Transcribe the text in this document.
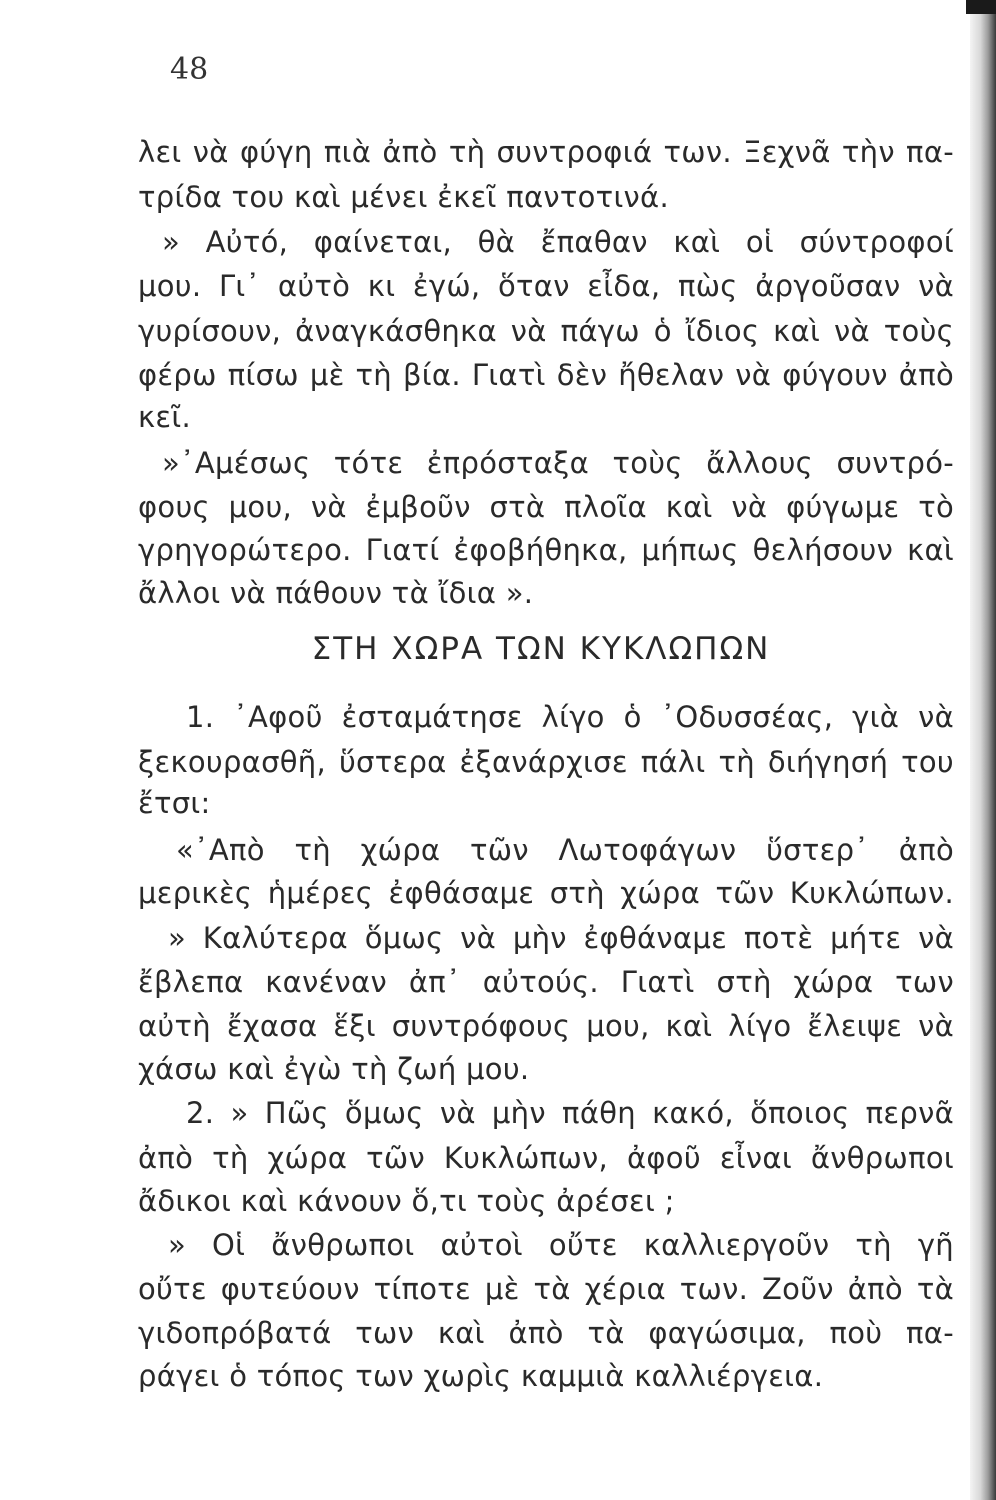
48
λει νὰ φύγη πιὰ ἀπὸ τὴ συντροφιά των. Ξεχνᾶ τὴν πα-
τρίδα του καὶ μένει ἐκεῖ παντοτινά.
» Αὐτό, φαίνεται, θὰ ἔπαθαν καὶ οἱ σύντροφοί
μου. Γι᾽ αὐτὸ κι ἐγώ, ὅταν εἶδα, πὼς ἀργοῦσαν νὰ
γυρίσουν, ἀναγκάσθηκα νὰ πάγω ὁ ἴδιος καὶ νὰ τοὺς
φέρω πίσω μὲ τὴ βία. Γιατὶ δὲν ἤθελαν νὰ φύγουν ἀπὸ
κεῖ.
»᾽Αμέσως τότε ἐπρόσταξα τοὺς ἄλλους συντρό-
φους μου, νὰ ἐμβοῦν στὰ πλοῖα καὶ νὰ φύγωμε τὸ
γρηγορώτερο. Γιατί ἐφοβήθηκα, μήπως θελήσουν καὶ
ἄλλοι νὰ πάθουν τὰ ἴδια ».
ΣΤΗ ΧΩΡΑ ΤΩΝ ΚΥΚΛΩΠΩΝ
1. ᾽Αφοῦ ἐσταμάτησε λίγο ὁ ᾽Οδυσσέας, γιὰ νὰ
ξεκουρασθῆ, ὕστερα ἐξανάρχισε πάλι τὴ διήγησή του
ἔτσι:
«᾽Απὸ τὴ χώρα τῶν Λωτοφάγων ὕστερ᾽ ἀπὸ
μερικὲς ἡμέρες ἐφθάσαμε στὴ χώρα τῶν Κυκλώπων.
» Καλύτερα ὅμως νὰ μὴν ἐφθάναμε ποτὲ μήτε νὰ
ἔβλεπα κανέναν ἀπ᾽ αὐτούς. Γιατὶ στὴ χώρα των
αὐτὴ ἔχασα ἕξι συντρόφους μου, καὶ λίγο ἔλειψε νὰ
χάσω καὶ ἐγὼ τὴ ζωή μου.
2. » Πῶς ὅμως νὰ μὴν πάθη κακό, ὅποιος περνᾶ
ἀπὸ τὴ χώρα τῶν Κυκλώπων, ἀφοῦ εἶναι ἄνθρωποι
ἄδικοι καὶ κάνουν ὅ,τι τοὺς ἀρέσει ;
» Οἱ ἄνθρωποι αὐτοὶ οὔτε καλλιεργοῦν τὴ γῆ
οὔτε φυτεύουν τίποτε μὲ τὰ χέρια των. Ζοῦν ἀπὸ τὰ
γιδοπρόβατά των καὶ ἀπὸ τὰ φαγώσιμα, ποὺ πα-
ράγει ὁ τόπος των χωρὶς καμμιὰ καλλιέργεια.
